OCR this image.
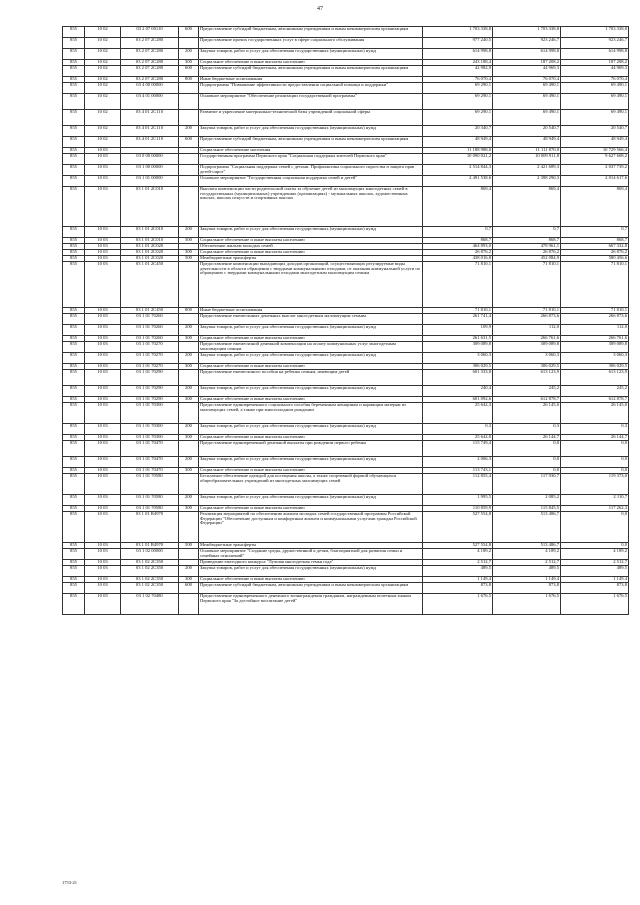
47
855	10 02	03 2 07 00110	600	Предоставление субсидий бюджетным, автономным учреждениям и иным некоммерческим организациям	1 703 338,8	1 703 338,8	1 703 338,8
855	10 02	03 2 07 2С280		Предоставление прочих государственных услуг в сфере социального обслуживания	977 240,5	923 246,7	923 246,7
855	10 02	03 2 07 2С280	200	Закупка товаров, работ и услуг для обеспечения государственных (муниципальных) нужд	614 998,8	614 998,8	614 998,8
855	10 02	03 2 07 2С280	300	Социальное обеспечение и иные выплаты населению	243 188,4	187 208,2	187 208,2
855	10 02	03 2 07 2С280	600	Предоставление субсидий бюджетным, автономным учреждениям и иным некоммерческим организациям	42 982,9	44 969,3	44 969,3
855	10 02	03 2 07 2С280	800	Иные бюджетные ассигнования	76 070,4	76 070,4	76 070,4
855	10 02	03 4 00 00000		Подпрограмма "Повышение эффективности предоставления социальной помощи и поддержки"	69 290,1	69 490,1	69 490,1
855	10 02	03 4 01 00000		Основное мероприятие "Обеспечение реализации государственной программы"	69 290,1	69 490,1	69 490,1
855	10 02	03 4 01 2С110		Развитие и укрепление материально-технической базы учреждений социальной сферы	69 290,1	69 490,1	69 490,1
855	10 02	03 4 01 2С110	200	Закупка товаров, работ и услуг для обеспечения государственных (муниципальных) нужд	20 340,7	20 540,7	20 540,7
855	10 02	03 4 01 2С110	600	Предоставление субсидий бюджетным, автономным учреждениям и иным некоммерческим организациям	48 949,4	48 949,4	48 949,4
855	10 03			Социальное обеспечение населения	11 188 988,0	11 111 870,0	10 729 566,4
855	10 03	03 0 00 00000		Государственная программа Пермского края "Социальная поддержка жителей Пермского края"	10 090 021,2	10 009 911,8	9 627 608,2
855	10 03	03 1 00 00000		Подпрограмма "Социальная поддержка семей с детьми. Профилактика социального сиротства и защита прав детей-сирот"	2 514 844,3	2 421 689,3	2 037 739,2
855	10 03	03 1 01 00000		Основное мероприятие "Государственная социальная поддержка семей и детей"	2 491 538,6	2 398 290,3	2 014 617,6
855	10 03	03 1 01 2С010		Выплата компенсации части родительской платы за обучение детей из малоимущих многодетных семей в государственных (муниципальных) учреждениях (организациях) - музыкальных школах, художественных школах, школах искусств и спортивных школах	869,4	869,4	869,4
855	10 03	03 1 01 2С010	200	Закупка товаров, работ и услуг для обеспечения государственных (муниципальных) нужд	0,7	0,7	0,7
855	10 03	03 1 01 2С010	300	Социальное обеспечение и иные выплаты населению	868,7	868,7	868,7
855	10 03	03 1 01 2С020		Обеспечение жильем молодых семей	464 893,0	478 961,1	667 332,8
855	10 03	03 1 01 2С020	300	Социальное обеспечение и иные выплаты населению	26 876,2	26 876,2	26 876,2
855	10 03	03 1 01 2С020	500	Межбюджетные трансферты	438 016,8	452 084,9	580 456,6
855	10 03	03 1 01 2С450		Предоставление компенсации выпадающих доходов организаций, осуществляющих регулируемые виды деятельности в области обращения с твердыми коммунальными отходами, от оказания коммунальной услуги по обращению с твердыми коммунальными отходами многодетным малоимущим семьям	71 810,1	71 810,1	71 810,1
855	10 03	03 1 01 2С450	800	Иные бюджетные ассигнования	71 810,1	71 810,1	71 810,1
855	10 03	03 1 01 70260		Предоставление ежемесячных денежных выплат многодетным малоимущим семьям	261 741,4	266 873,6	266 873,6
855	10 03	03 1 01 70260	200	Закупка товаров, работ и услуг для обеспечения государственных (муниципальных) нужд	109,9	112,0	112,0
855	10 03	03 1 01 70260	300	Социальное обеспечение и иные выплаты населению	261 631,5	266 761,6	266 761,6
855	10 03	03 1 01 70270		Предоставление ежемесячной денежной компенсации на оплату коммунальных услуг многодетным малоимущим семьям	309 089,8	309 089,8	309 089,8
855	10 03	03 1 01 70270	200	Закупка товаров, работ и услуг для обеспечения государственных (муниципальных) нужд	3 060,3	3 060,3	3 060,3
855	10 03	03 1 01 70270	300	Социальное обеспечение и иные выплаты населению	306 029,5	306 029,5	306 029,5
855	10 03	03 1 01 70290		Предоставление ежемесячного пособия на ребенка семьям, имеющим детей	601 333,0	613 123,9	613 123,9
855	10 03	03 1 01 70290	200	Закупка товаров, работ и услуг для обеспечения государственных (муниципальных) нужд	240,4	245,2	245,2
855	10 03	03 1 01 70290	300	Социальное обеспечение и иные выплаты населению	601 092,6	612 878,7	612 878,7
855	10 03	03 1 01 70300		Предоставление единовременного социального пособия беременным женщинам и кормящим матерям из малоимущих семей, а также при многоплодном рождении	25 642,3	26 145,0	26 145,0
855	10 03	03 1 01 70300	200	Закупка товаров, работ и услуг для обеспечения государственных (муниципальных) нужд	0,3	0,3	0,3
855	10 03	03 1 01 70300	300	Социальное обеспечение и иные выплаты населению	25 642,0	26 144,7	26 144,7
855	10 03	03 1 01 70470		Предоставление единовременной денежной выплаты при рождении первого ребенка	115 749,4	0,0	0,0
855	10 03	03 1 01 70470	200	Закупка товаров, работ и услуг для обеспечения государственных (муниципальных) нужд	2 006,3	0,0	0,0
855	10 03	03 1 01 70470	300	Социальное обеспечение и иные выплаты населению	113 743,1	0,0	0,0
855	10 03	03 1 01 70580		Бесплатное обеспечение одеждой для посещения школы, а также спортивной формой обучающихся общеобразовательных учреждений из многодетных малоимущих семей	112 855,4	117 930,7	119 373,0
855	10 03	03 1 01 70580	200	Закупка товаров, работ и услуг для обеспечения государственных (муниципальных) нужд	1 995,5	2 085,2	2 110,7
855	10 03	03 1 01 70580	300	Социальное обеспечение и иные выплаты населению	110 859,9	115 845,5	117 262,3
855	10 03	03 1 01 R4970		Реализация мероприятий по обеспечению жильем молодых семей государственной программы Российской Федерации "Обеспечение доступным и комфортным жильем и коммунальными услугами граждан Российской Федерации"	527 554,8	513 486,7	0,0
855	10 03	03 1 01 R4970	500	Межбюджетные трансферты	527 554,8	513 486,7	0,0
855	10 03	03 1 02 00000		Основное мероприятие "Создание среды, дружественной к детям, благоприятной для развития семьи и семейных отношений"	4 189,2	4 189,2	4 189,2
855	10 03	03 1 02 2С350		Проведение ежегодного конкурса "Лучшая многодетная семья года"	2 512,7	2 512,7	2 512,7
855	10 03	03 1 02 2С350	200	Закупка товаров, работ и услуг для обеспечения государственных (муниципальных) нужд	489,5	489,5	489,5
855	10 03	03 1 02 2С350	300	Социальное обеспечение и иные выплаты населению	1 149,4	1 149,4	1 149,4
855	10 03	03 1 02 2С350	600	Предоставление субсидий бюджетным, автономным учреждениям и иным некоммерческим организациям	873,8	873,8	873,8
855	10 03	03 1 02 70480		Предоставление единовременного денежного вознаграждения гражданам, награжденным почетным знаком Пермского края "За достойное воспитание детей"	1 676,5	1 676,5	1 676,5
1753-21
